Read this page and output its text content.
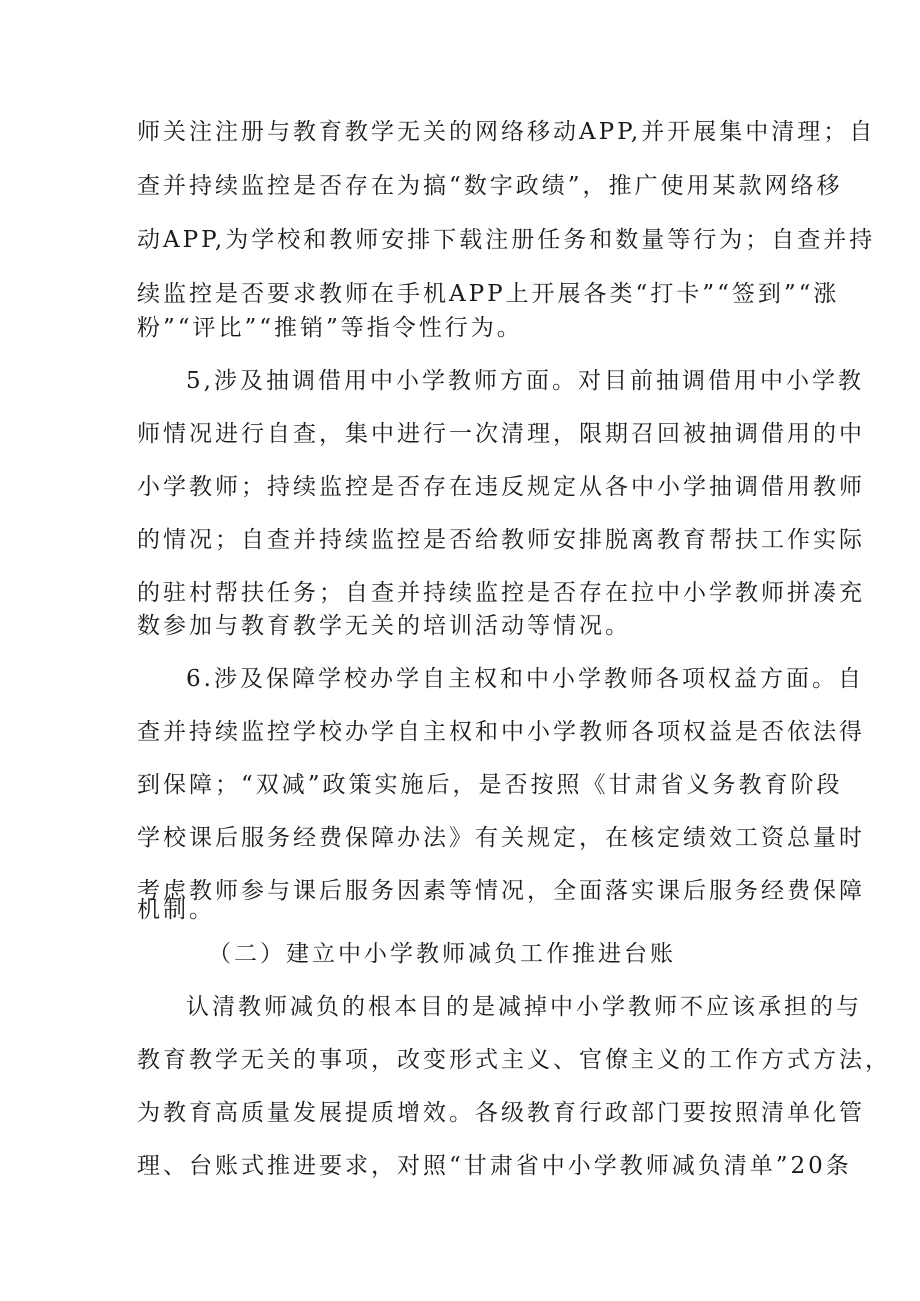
师关注注册与教育教学无关的网络移动APP,并开展集中清理；自
查并持续监控是否存在为搞“数字政绩”，推广使用某款网络移
动APP,为学校和教师安排下载注册任务和数量等行为；自查并持
续监控是否要求教师在手机APP上开展各类“打卡”“签到”“涨
粉”“评比”“推销”等指令性行为。
5,涉及抽调借用中小学教师方面。对目前抽调借用中小学教
师情况进行自查，集中进行一次清理，限期召回被抽调借用的中
小学教师；持续监控是否存在违反规定从各中小学抽调借用教师
的情况；自查并持续监控是否给教师安排脱离教育帮扶工作实际
的驻村帮扶任务；自查并持续监控是否存在拉中小学教师拼凑充
数参加与教育教学无关的培训活动等情况。
6.涉及保障学校办学自主权和中小学教师各项权益方面。自
查并持续监控学校办学自主权和中小学教师各项权益是否依法得
到保障；“双减”政策实施后，是否按照《甘肃省义务教育阶段
学校课后服务经费保障办法》有关规定，在核定绩效工资总量时
考虑教师参与课后服务因素等情况，全面落实课后服务经费保障
机制。
（二）建立中小学教师减负工作推进台账
认清教师减负的根本目的是减掉中小学教师不应该承担的与
教育教学无关的事项，改变形式主义、官僚主义的工作方式方法，
为教育高质量发展提质增效。各级教育行政部门要按照清单化管
理、台账式推进要求，对照“甘肃省中小学教师减负清单”20条
